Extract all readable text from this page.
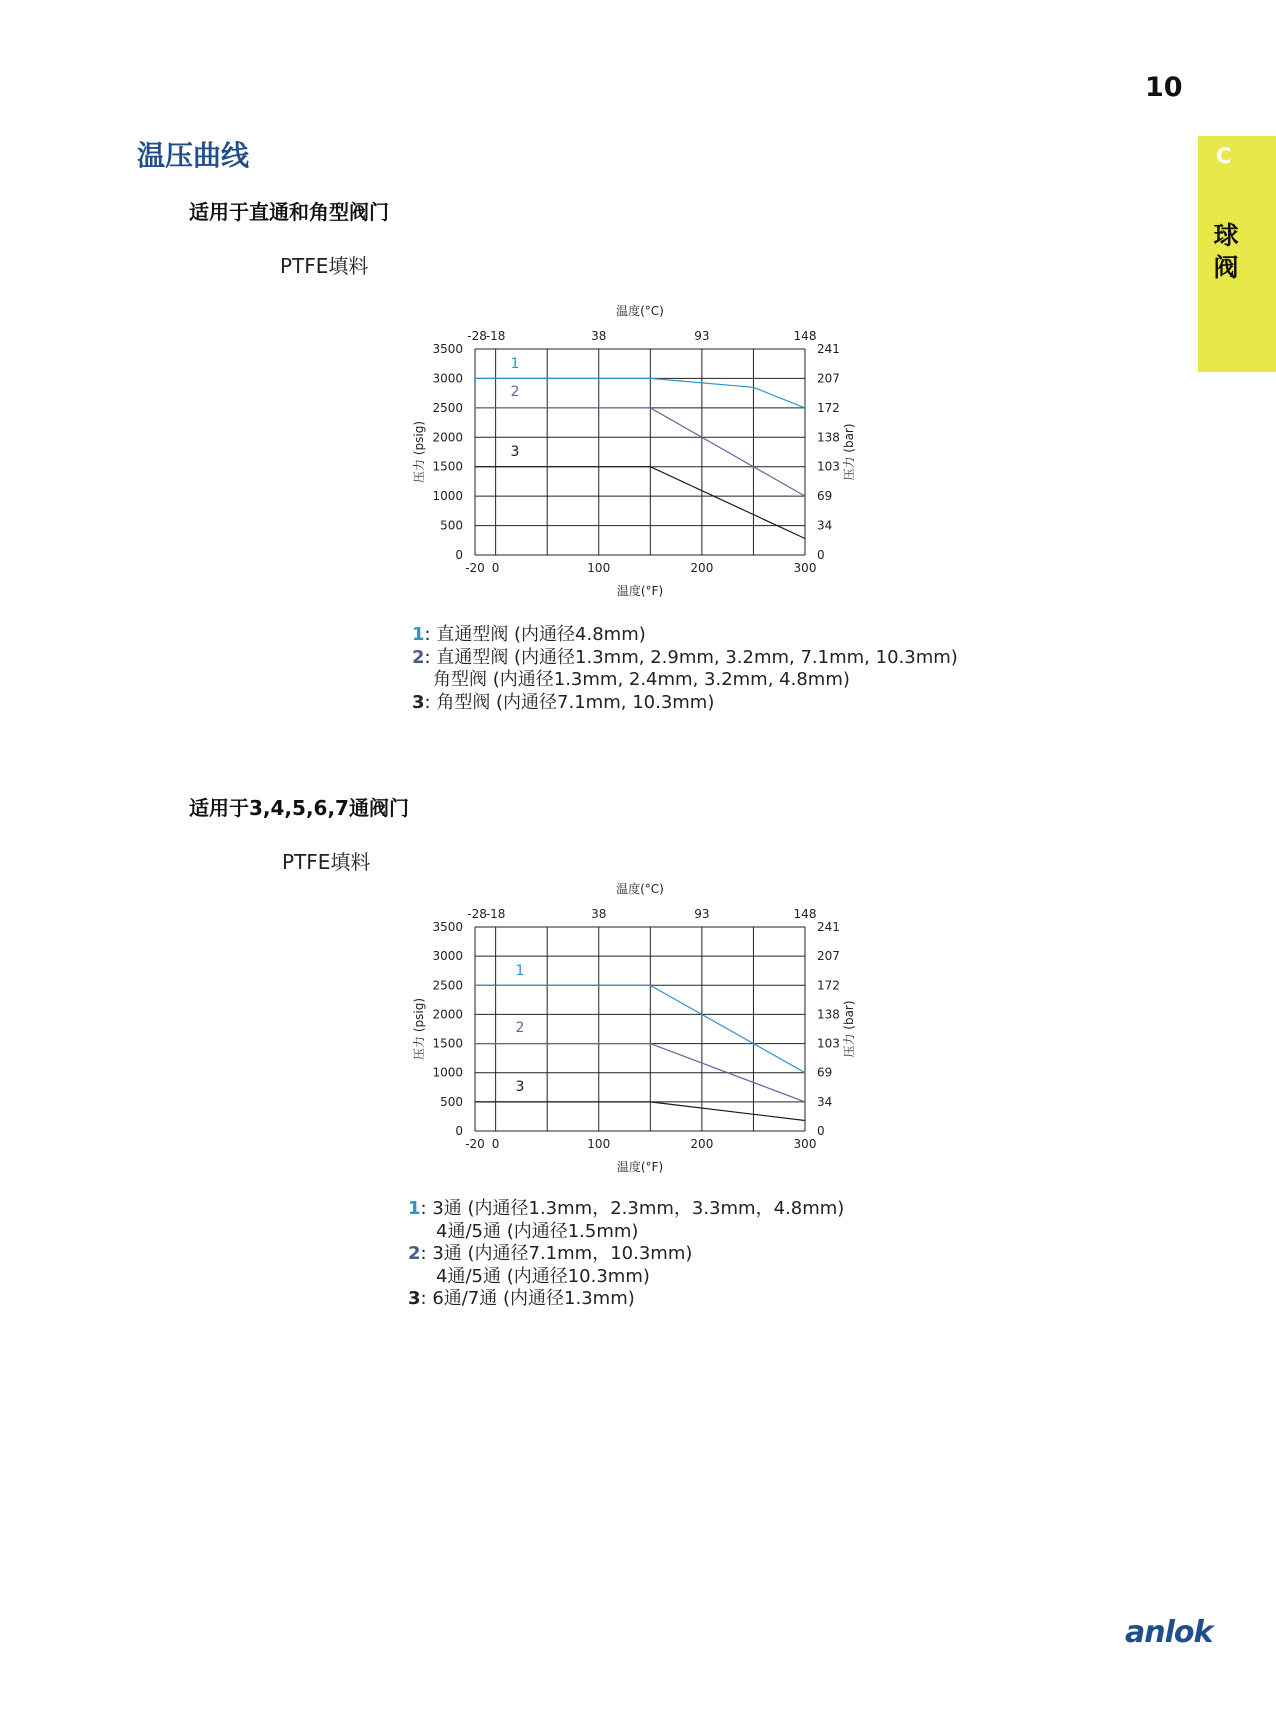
10
C
球阀
温压曲线
适用于直通和角型阀门
PTFE填料
-20 0	100	200	300
-28
-18	38	93	148
3500
3000
2500
2000
1500
1000
500
0
241
207
172
138
103
69
34
0
温度(°F)
温度(°C)
压力 (psig)	压力 (bar)
1
2
3
1: 直通型阀 (内通径4.8mm)
2: 直通型阀 (内通径1.3mm, 2.9mm, 3.2mm, 7.1mm, 10.3mm)
角型阀 (内通径1.3mm, 2.4mm, 3.2mm, 4.8mm)
3: 角型阀 (内通径7.1mm, 10.3mm)
适用于3,4,5,6,7通阀门
PTFE填料
-20 0	100	200	300
-28
-18	38	93	148
3500
3000
2500
2000
1500
1000
500
0
241
207
172
138
103
69
34
0
温度(°F)
温度(°C)
压力 (psig)	压力 (bar)
1
2
3
1: 3通 (内通径1.3mm，2.3mm，3.3mm，4.8mm)
4通/5通 (内通径1.5mm)
2: 3通 (内通径7.1mm，10.3mm)
4通/5通 (内通径10.3mm)
3: 6通/7通 (内通径1.3mm)
anlok
